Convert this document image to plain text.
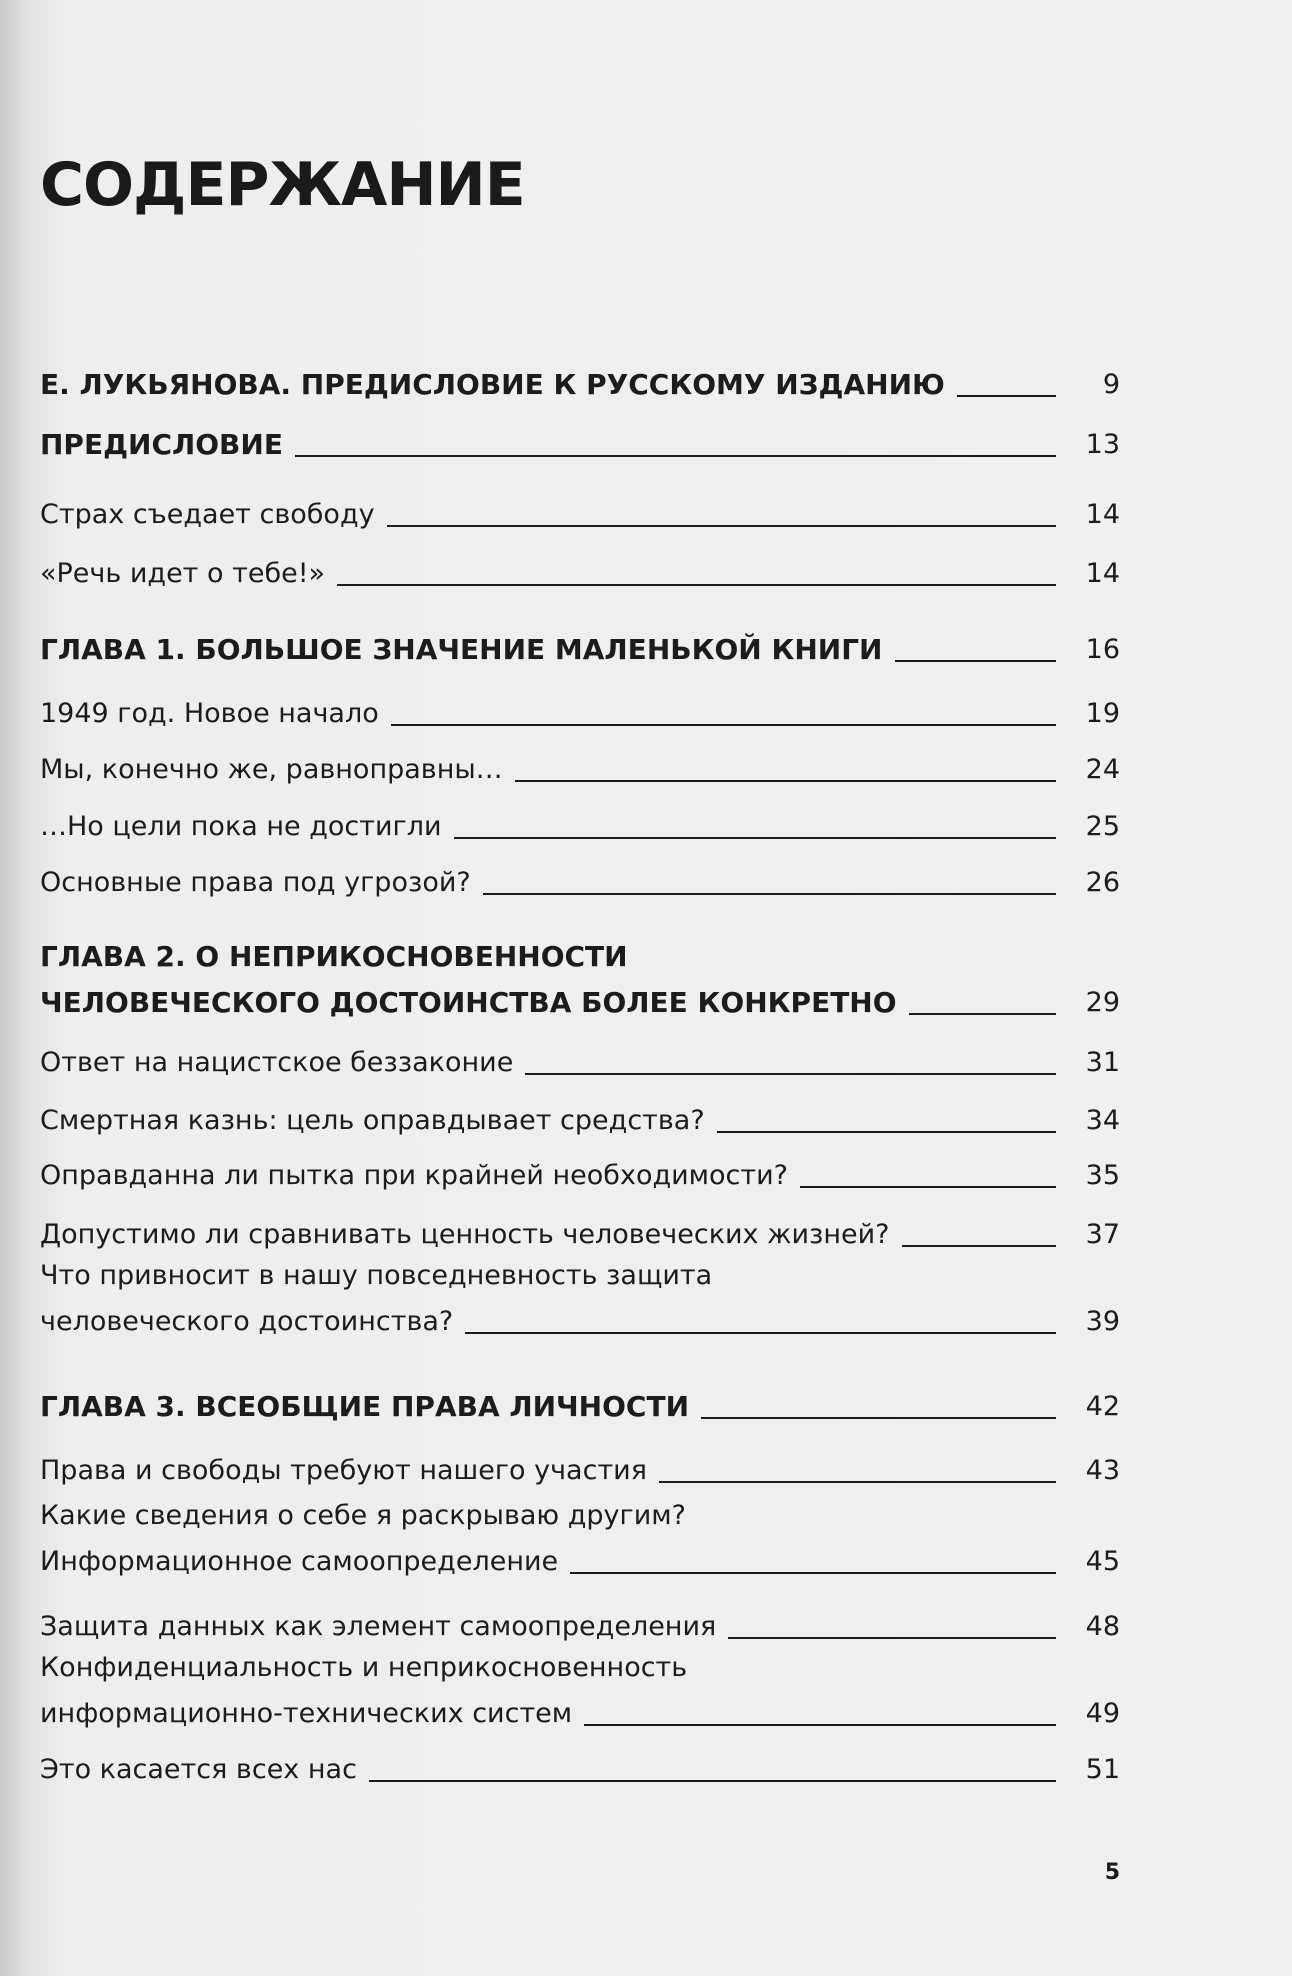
СОДЕРЖАНИЕ
Е. ЛУКЬЯНОВА. ПРЕДИСЛОВИЕ К РУССКОМУ ИЗДАНИЮ	9
ПРЕДИСЛОВИЕ	13
Страх съедает свободу	14
«Речь идет о тебе!»	14
ГЛАВА 1. БОЛЬШОЕ ЗНАЧЕНИЕ МАЛЕНЬКОЙ КНИГИ	16
1949 год. Новое начало	19
Мы, конечно же, равноправны…	24
…Но цели пока не достигли	25
Основные права под угрозой?	26
ГЛАВА 2. О НЕПРИКОСНОВЕННОСТИ
ЧЕЛОВЕЧЕСКОГО ДОСТОИНСТВА БОЛЕЕ КОНКРЕТНО	29
Ответ на нацистское беззаконие	31
Смертная казнь: цель оправдывает средства?	34
Оправданна ли пытка при крайней необходимости?	35
Допустимо ли сравнивать ценность человеческих жизней?	37
Что привносит в нашу повседневность защита
человеческого достоинства?	39
ГЛАВА 3. ВСЕОБЩИЕ ПРАВА ЛИЧНОСТИ	42
Права и свободы требуют нашего участия	43
Какие сведения о себе я раскрываю другим?
Информационное самоопределение	45
Защита данных как элемент самоопределения	48
Конфиденциальность и неприкосновенность
информационно-технических систем	49
Это касается всех нас	51
5
